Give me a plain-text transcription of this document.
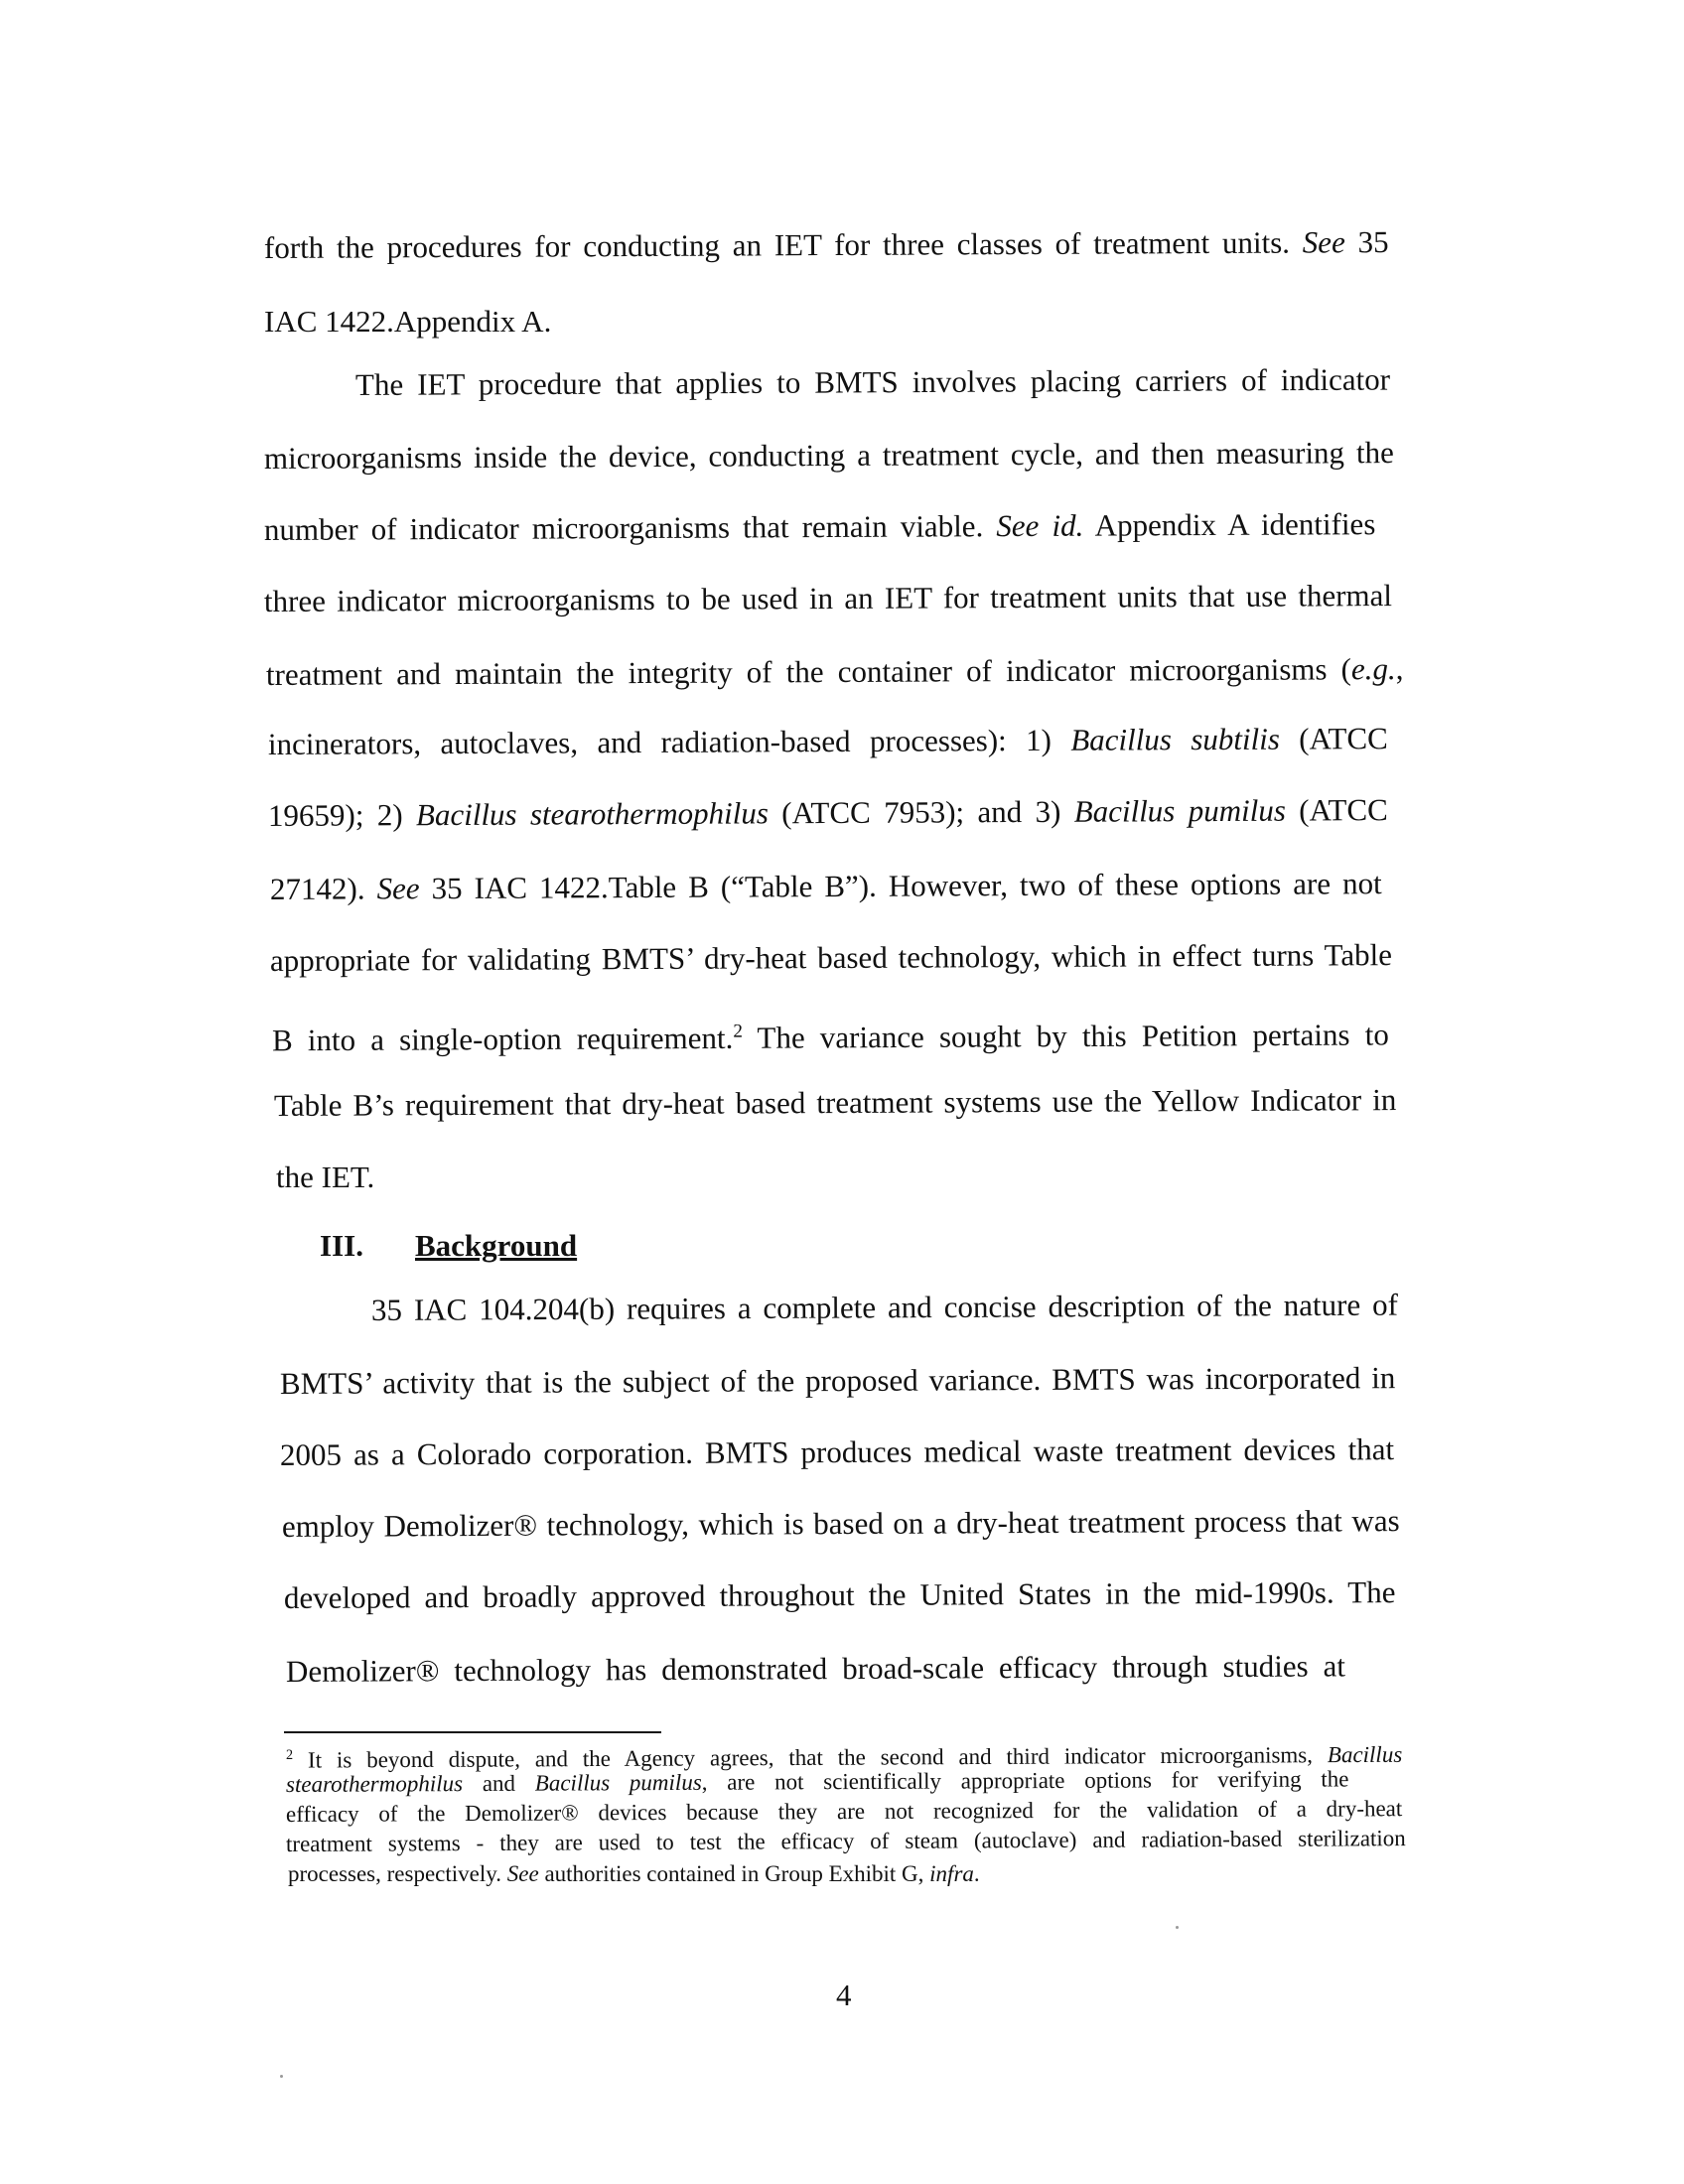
forth the procedures for conducting an IET for three classes of treatment units. See 35
IAC 1422.Appendix A.
The IET procedure that applies to BMTS involves placing carriers of indicator
microorganisms inside the device, conducting a treatment cycle, and then measuring the
number of indicator microorganisms that remain viable. See id. Appendix A identifies
three indicator microorganisms to be used in an IET for treatment units that use thermal
treatment and maintain the integrity of the container of indicator microorganisms (e.g.,
incinerators, autoclaves, and radiation-based processes): 1) Bacillus subtilis (ATCC
19659); 2) Bacillus stearothermophilus (ATCC 7953); and 3) Bacillus pumilus (ATCC
27142). See 35 IAC 1422.Table B (“Table B”). However, two of these options are not
appropriate for validating BMTS’ dry-heat based technology, which in effect turns Table
B into a single-option requirement.$^2$ The variance sought by this Petition pertains to
Table B’s requirement that dry-heat based treatment systems use the Yellow Indicator in
the IET.
III. Background
35 IAC 104.204(b) requires a complete and concise description of the nature of
BMTS’ activity that is the subject of the proposed variance. BMTS was incorporated in
2005 as a Colorado corporation. BMTS produces medical waste treatment devices that
employ Demolizer® technology, which is based on a dry-heat treatment process that was
developed and broadly approved throughout the United States in the mid-1990s. The
Demolizer® technology has demonstrated broad-scale efficacy through studies at
$^2$ It is beyond dispute, and the Agency agrees, that the second and third indicator microorganisms, Bacillus
stearothermophilus and Bacillus pumilus, are not scientifically appropriate options for verifying the
efficacy of the Demolizer® devices because they are not recognized for the validation of a dry-heat
treatment systems - they are used to test the efficacy of steam (autoclave) and radiation-based sterilization
processes, respectively. See authorities contained in Group Exhibit G, infra.
4
